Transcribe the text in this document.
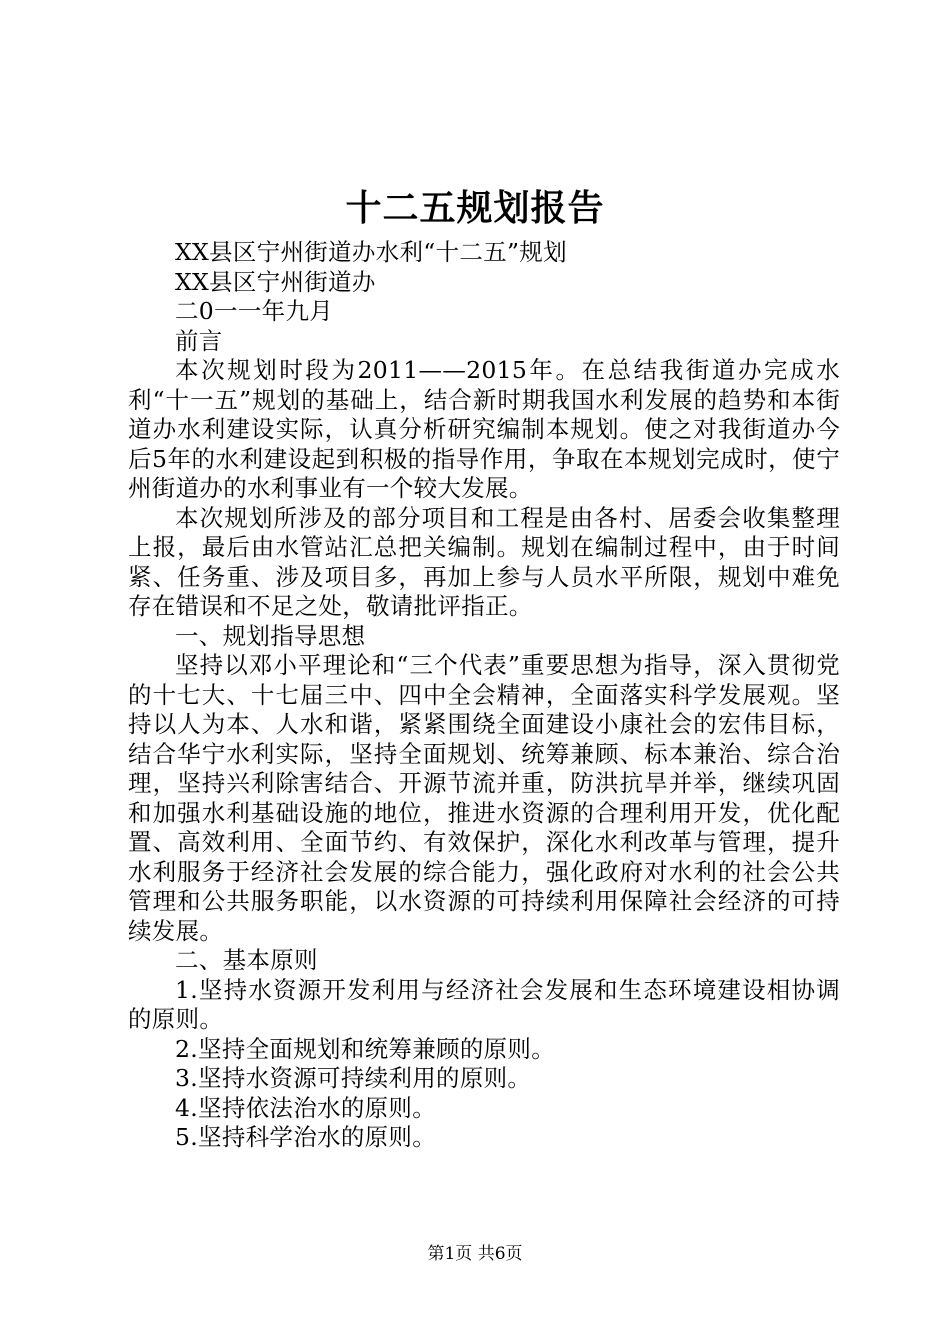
十二五规划报告

XX县区宁州街道办水利“十二五”规划

XX县区宁州街道办

二0一一年九月

前言

本次规划时段为2011——2015年。在总结我街道办完成水利“十一五”规划的基础上，结合新时期我国水利发展的趋势和本街道办水利建设实际，认真分析研究编制本规划。使之对我街道办今后5年的水利建设起到积极的指导作用，争取在本规划完成时，使宁州街道办的水利事业有一个较大发展。

本次规划所涉及的部分项目和工程是由各村、居委会收集整理上报，最后由水管站汇总把关编制。规划在编制过程中，由于时间紧、任务重、涉及项目多，再加上参与人员水平所限，规划中难免存在错误和不足之处，敬请批评指正。

一、规划指导思想

坚持以邓小平理论和“三个代表”重要思想为指导，深入贯彻党的十七大、十七届三中、四中全会精神，全面落实科学发展观。坚持以人为本、人水和谐，紧紧围绕全面建设小康社会的宏伟目标，结合华宁水利实际，坚持全面规划、统筹兼顾、标本兼治、综合治理，坚持兴利除害结合、开源节流并重，防洪抗旱并举，继续巩固和加强水利基础设施的地位，推进水资源的合理利用开发，优化配置、高效利用、全面节约、有效保护，深化水利改革与管理，提升水利服务于经济社会发展的综合能力，强化政府对水利的社会公共管理和公共服务职能，以水资源的可持续利用保障社会经济的可持续发展。

二、基本原则

1.坚持水资源开发利用与经济社会发展和生态环境建设相协调的原则。

2.坚持全面规划和统筹兼顾的原则。

3.坚持水资源可持续利用的原则。

4.坚持依法治水的原则。

5.坚持科学治水的原则。

第1页 共6页
